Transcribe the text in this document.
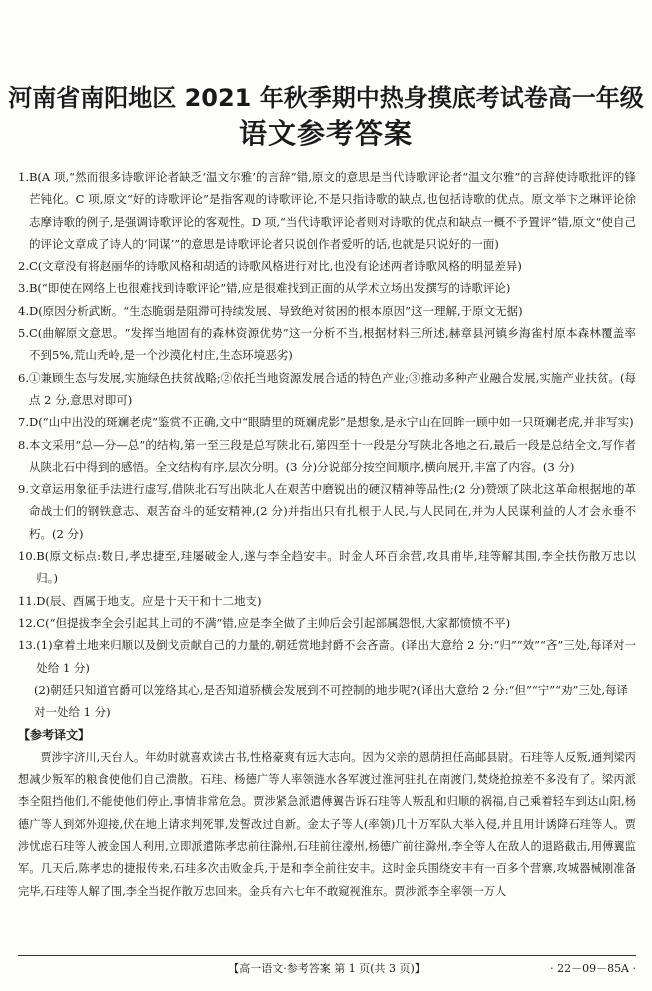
河南省南阳地区 2021 年秋季期中热身摸底考试卷高一年级
语文参考答案
1. B(A 项,“然而很多诗歌评论者缺乏‘温文尔雅’的言辞”错,原文的意思是当代诗歌评论者“温文尔雅”的言辞使诗歌批评的锋芒钝化。C 项,原文“好的诗歌评论”是指客观的诗歌评论,不是只指诗歌的缺点,也包括诗歌的优点。原文举卞之琳评论徐志摩诗歌的例子,是强调诗歌评论的客观性。D 项,“当代诗歌评论者则对诗歌的优点和缺点一概不予置评”错,原文“使自己的评论文章成了诗人的‘同谋’”的意思是诗歌评论者只说创作者爱听的话,也就是只说好的一面)
2. C(文章没有将赵丽华的诗歌风格和胡适的诗歌风格进行对比,也没有论述两者诗歌风格的明显差异)
3. B(“即使在网络上也很难找到诗歌评论”错,应是很难找到正面的从学术立场出发撰写的诗歌评论)
4. D(原因分析武断。“生态脆弱是阻滞可持续发展、导致绝对贫困的根本原因”这一理解,于原文无据)
5. C(曲解原文意思。“发挥当地固有的森林资源优势”这一分析不当,根据材料三所述,赫章县河镇乡海雀村原本森林覆盖率不到5%,荒山秃岭,是一个沙漠化村庄,生态环境恶劣)
6. ①兼顾生态与发展,实施绿色扶贫战略;②依托当地资源发展合适的特色产业;③推动多种产业融合发展,实施产业扶贫。(每点 2 分,意思对即可)
7. D(“山中出没的斑斓老虎”鉴赏不正确,文中“眼睛里的斑斓虎影”是想象,是永宁山在回眸一顾中如一只斑斓老虎,并非写实)
8. 本文采用“总—分—总”的结构,第一至三段是总写陕北石,第四至十一段是分写陕北各地之石,最后一段是总结全文,写作者从陕北石中得到的感悟。全文结构有序,层次分明。(3 分)分说部分按空间顺序,横向展开,丰富了内容。(3 分)
9. 文章运用象征手法进行虚写,借陕北石写出陕北人在艰苦中磨锐出的硬汉精神等品性;(2 分)赞颂了陕北这革命根据地的革命战士们的钢铁意志、艰苦奋斗的延安精神,(2 分)并指出只有扎根于人民,与人民同在,并为人民谋利益的人才会永垂不朽。(2 分)
10. B(原文标点:数日,孝忠捷至,珪屡破金人,遂与李全趋安丰。时金人环百余营,攻具甫毕,珪等解其围,李全扶伤散万忠以归。)
11. D(辰、酉属于地支。应是十天干和十二地支)
12. C(“但提拔李全会引起其上司的不满”错,应是李全做了主帅后会引起部属怨恨,大家都愤愤不平)
13. (1)拿着土地来归顺以及倒戈贡献自己的力量的,朝廷赏地封爵不会吝啬。(译出大意给 2 分:“归”“效”“吝”三处,每译对一处给 1 分)

(2)朝廷只知道官爵可以笼络其心,是否知道骄横会发展到不可控制的地步呢?(译出大意给 2 分:“但”“宁”“劝”三处,每译对一处给 1 分)

【参考译文】

贾涉字济川,天台人。年幼时就喜欢读古书,性格豪爽有远大志向。因为父亲的恩荫担任高邮县尉。石珪等人反叛,通判梁丙想减少叛军的粮食使他们自己溃散。石珪、杨德广等人率领涟水各军渡过淮河驻扎在南渡门,焚烧抢掠差不多没有了。梁丙派李全阻挡他们,不能使他们停止,事情非常危急。贾涉紧急派遣傅翼告诉石珪等人叛乱和归顺的祸福,自己乘着轻车到达山阳,杨德广等人到郊外迎接,伏在地上请求判死罪,发誓改过自新。金太子等人(率领)几十万军队大举入侵,并且用计诱降石珪等人。贾涉忧虑石珪等人被金国人利用,立即派遣陈孝忠前往滁州,石珪前往濠州,杨德广前往滁州,李全等人在敌人的退路截击,用傅翼监军。几天后,陈孝忠的捷报传来,石珪多次击败金兵,于是和李全前往安丰。这时金兵围绕安丰有一百多个营寨,攻城器械刚准备完毕,石珪等人解了围,李全当捉作散万忠回来。金兵有六七年不敢窥视淮东。贾涉派李全率领一万人

【高一语文·参考答案 第 1 页(共 3 页)】	· 22－09－85A ·
